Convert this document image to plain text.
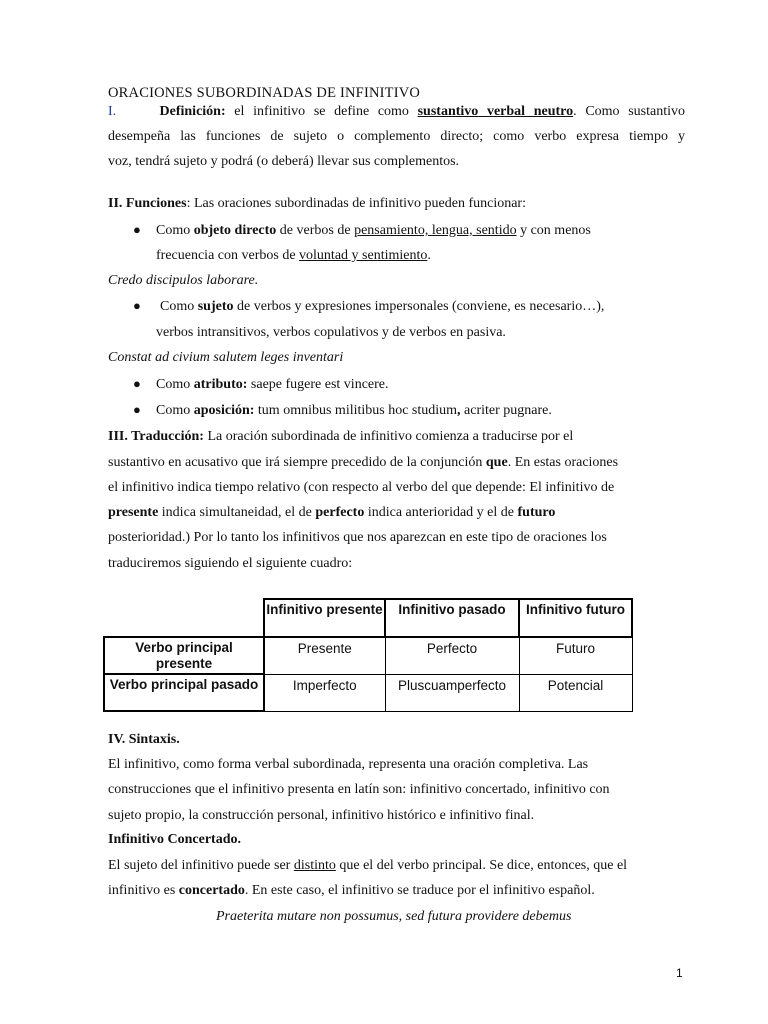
ORACIONES SUBORDINADAS DE INFINITIVO
I.	Definición: el infinitivo se define como sustantivo verbal neutro. Como sustantivo
desempeña las funciones de sujeto o complemento directo; como verbo expresa tiempo y
voz, tendrá sujeto y podrá (o deberá) llevar sus complementos.
II. Funciones: Las oraciones subordinadas de infinitivo pueden funcionar:
● Como objeto directo de verbos de pensamiento, lengua, sentido y con menos
frecuencia con verbos de voluntad y sentimiento.
Credo discipulos laborare.
● Como sujeto de verbos y expresiones impersonales (conviene, es necesario…),
verbos intransitivos, verbos copulativos y de verbos en pasiva.
Constat ad civium salutem leges inventari
● Como atributo: saepe fugere est vincere.
● Como aposición: tum omnibus militibus hoc studium, acriter pugnare.
III. Traducción: La oración subordinada de infinitivo comienza a traducirse por el
sustantivo en acusativo que irá siempre precedido de la conjunción que. En estas oraciones
el infinitivo indica tiempo relativo (con respecto al verbo del que depende: El infinitivo de
presente indica simultaneidad, el de perfecto indica anterioridad y el de futuro
posterioridad.) Por lo tanto los infinitivos que nos aparezcan en este tipo de oraciones los
traduciremos siguiendo el siguiente cuadro:
	Infinitivo presente	Infinitivo pasado	Infinitivo futuro
Verbo principal presente	Presente	Perfecto	Futuro
Verbo principal pasado	Imperfecto	Pluscuamperfecto	Potencial
IV. Sintaxis.
El infinitivo, como forma verbal subordinada, representa una oración completiva. Las
construcciones que el infinitivo presenta en latín son: infinitivo concertado, infinitivo con
sujeto propio, la construcción personal, infinitivo histórico e infinitivo final.
Infinitivo Concertado.
El sujeto del infinitivo puede ser distinto que el del verbo principal. Se dice, entonces, que el
infinitivo es concertado. En este caso, el infinitivo se traduce por el infinitivo español.
Praeterita mutare non possumus, sed futura providere debemus
1
